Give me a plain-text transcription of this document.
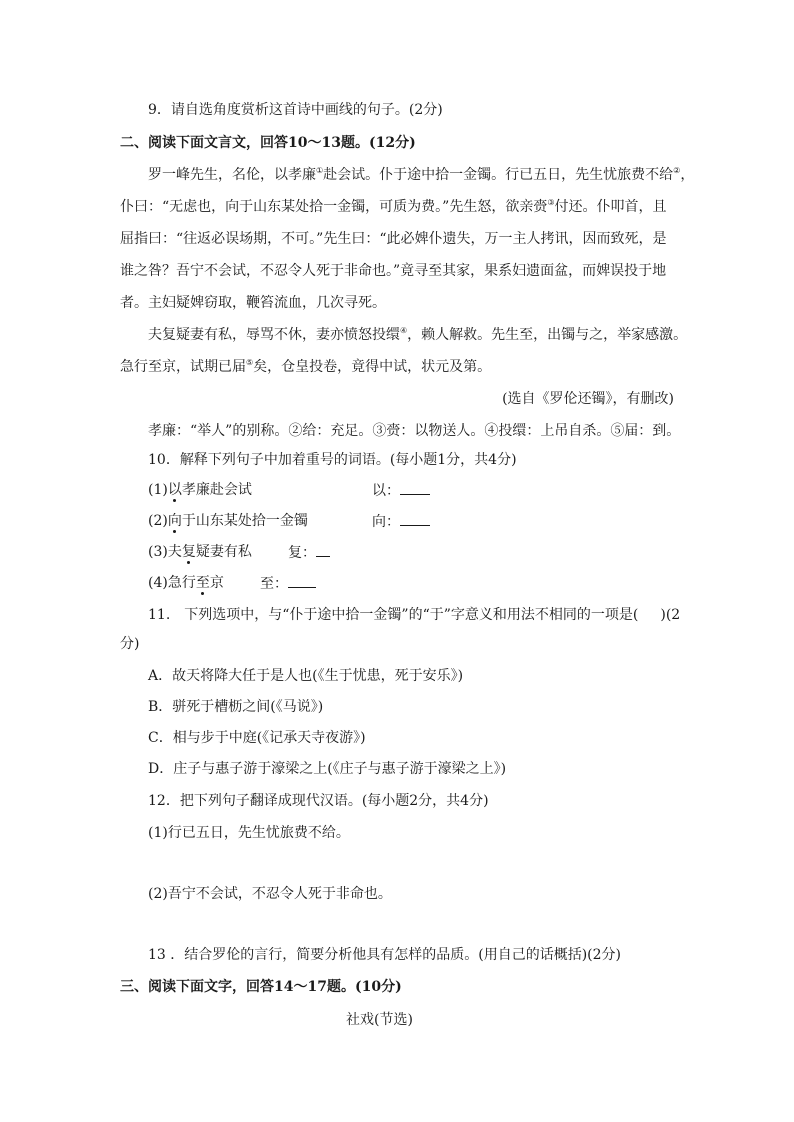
9．请自选角度赏析这首诗中画线的句子。(2分)
二、阅读下面文言文，回答10～13题。(12分)
罗一峰先生，名伦，以孝廉①赴会试。仆于途中拾一金镯。行已五日，先生忧旅费不给②，
仆曰：“无虑也，向于山东某处拾一金镯，可质为费。”先生怒，欲亲赍③付还。仆叩首，且
屈指曰：“往返必误场期，不可。”先生曰：“此必婢仆遗失，万一主人拷讯，因而致死，是
谁之咎？吾宁不会试，不忍令人死于非命也。”竟寻至其家，果系妇遗面盆，而婢误投于地
者。主妇疑婢窃取，鞭笞流血，几次寻死。
夫复疑妻有私，辱骂不休，妻亦愤怒投缳④，赖人解救。先生至，出镯与之，举家感激。
急行至京，试期已届⑤矣，仓皇投卷，竟得中试，状元及第。
(选自《罗伦还镯》，有删改)
孝廉：“举人”的别称。②给：充足。③赍：以物送人。④投缳：上吊自杀。⑤届：到。
10．解释下列句子中加着重号的词语。(每小题1分，共4分)
(1)以孝廉赴会试	以：
(2)向于山东某处拾一金镯	向：
(3)夫复疑妻有私	复：
(4)急行至京	至：
11.　下列选项中，与“仆于途中拾一金镯”的“于”字意义和用法不相同的一项是( )(2
分)
A．故天将降大任于是人也(《生于忧患，死于安乐》)
B．骈死于槽枥之间(《马说》)
C．相与步于中庭(《记承天寺夜游》)
D．庄子与惠子游于濠梁之上(《庄子与惠子游于濠梁之上》)
12．把下列句子翻译成现代汉语。(每小题2分，共4分)
(1)行已五日，先生忧旅费不给。
(2)吾宁不会试，不忍令人死于非命也。
13 ．结合罗伦的言行，简要分析他具有怎样的品质。(用自己的话概括)(2分)
三、阅读下面文字，回答14～17题。(10分)
社戏(节选)
